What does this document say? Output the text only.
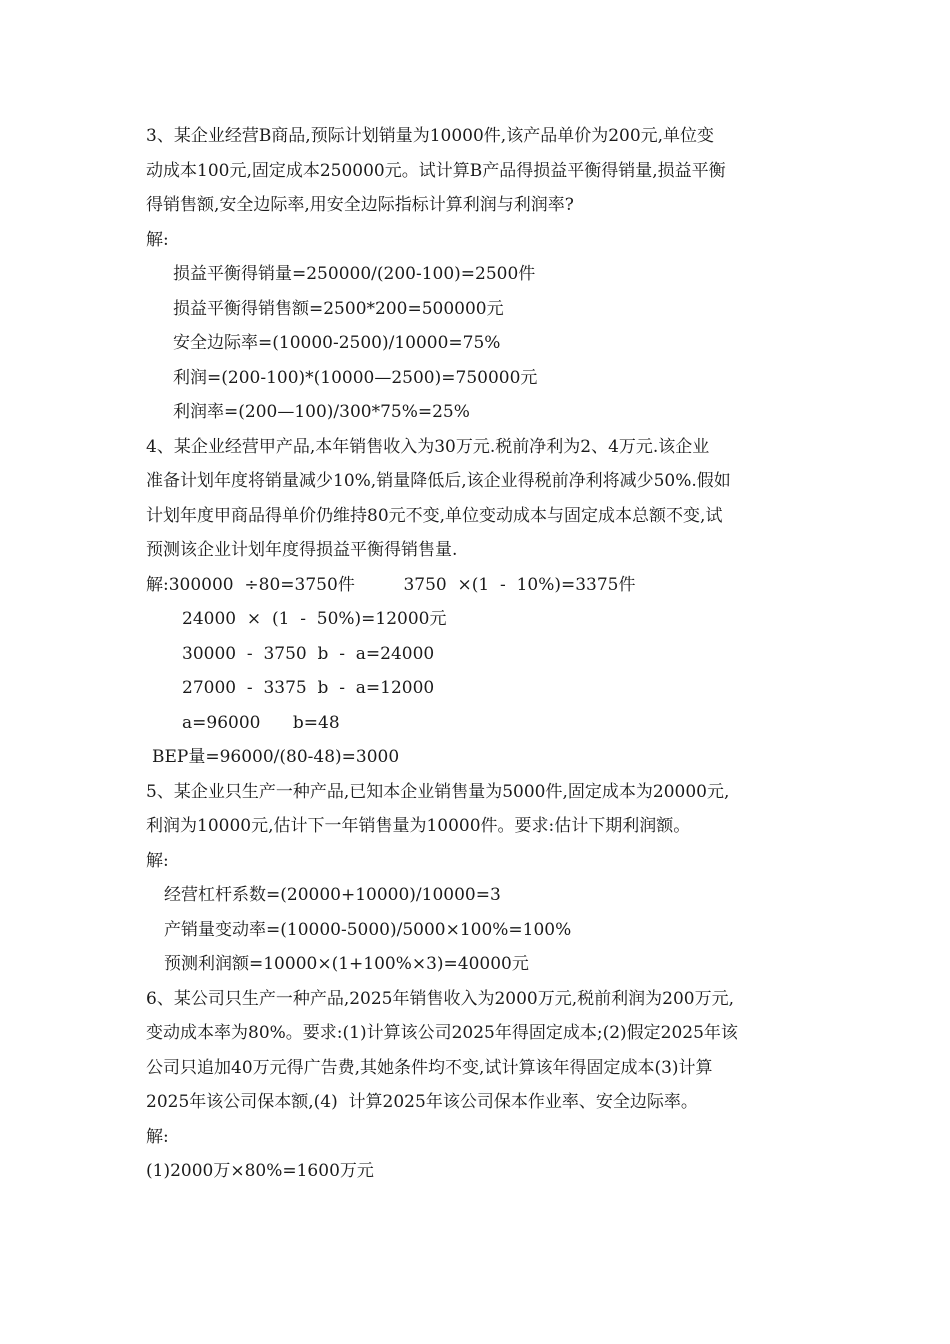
3、某企业经营B商品,预际计划销量为10000件,该产品单价为200元,单位变
动成本100元,固定成本250000元。试计算B产品得损益平衡得销量,损益平衡
得销售额,安全边际率,用安全边际指标计算利润与利润率?
解:
损益平衡得销量=250000/(200-100)=2500件
损益平衡得销售额=2500*200=500000元
安全边际率=(10000-2500)/10000=75%
利润=(200-100)*(10000—2500)=750000元
利润率=(200—100)/300*75%=25%
4、某企业经营甲产品,本年销售收入为30万元.税前净利为2、4万元.该企业
准备计划年度将销量减少10%,销量降低后,该企业得税前净利将减少50%.假如
计划年度甲商品得单价仍维持80元不变,单位变动成本与固定成本总额不变,试
预测该企业计划年度得损益平衡得销售量.
解:300000  ÷80=3750件         3750  ×(1  -  10%)=3375件
24000  ×  (1  -  50%)=12000元
30000  -  3750  b  -  a=24000
27000  -  3375  b  -  a=12000
a=96000      b=48
BEP量=96000/(80-48)=3000
5、某企业只生产一种产品,已知本企业销售量为5000件,固定成本为20000元,
利润为10000元,估计下一年销售量为10000件。要求:估计下期利润额。
解:
经营杠杆系数=(20000+10000)/10000=3
产销量变动率=(10000-5000)/5000×100%=100%
预测利润额=10000×(1+100%×3)=40000元
6、某公司只生产一种产品,2025年销售收入为2000万元,税前利润为200万元,
变动成本率为80%。要求:(1)计算该公司2025年得固定成本;(2)假定2025年该
公司只追加40万元得广告费,其她条件均不变,试计算该年得固定成本(3)计算
2025年该公司保本额,(4)  计算2025年该公司保本作业率、安全边际率。
解:
(1)2000万×80%=1600万元
